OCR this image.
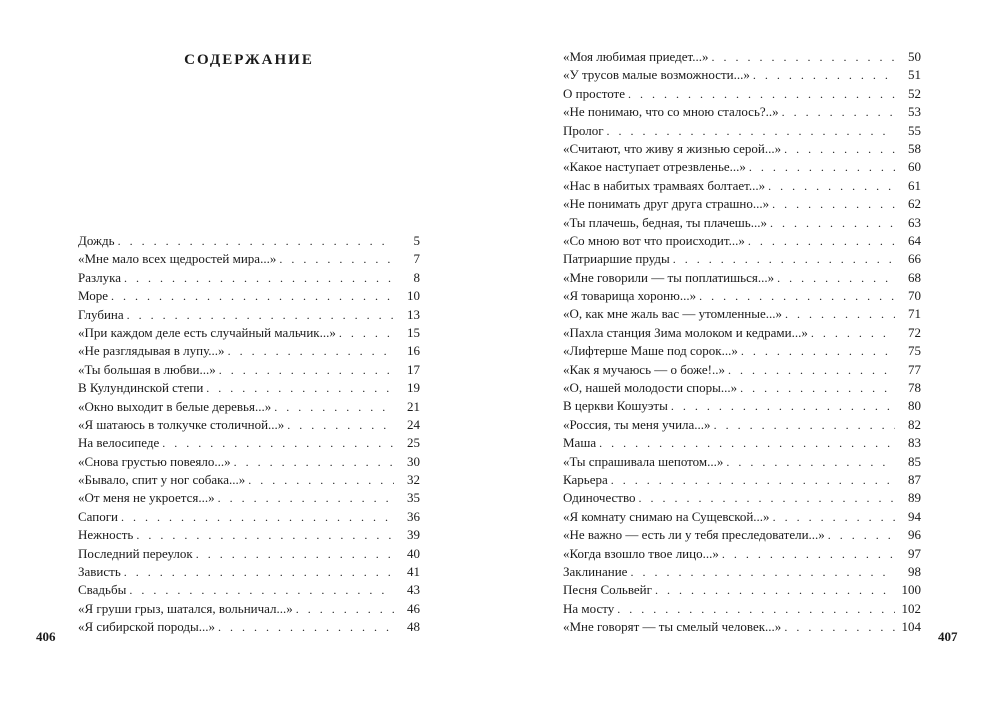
СОДЕРЖАНИЕ
Дождь . . .	5
«Мне мало всех щедростей мира...» . . .	7
Разлука . . .	8
Море . . .	10
Глубина . . .	13
«При каждом деле есть случайный мальчик...» . . .	15
«Не разглядывая в лупу...» . . .	16
«Ты большая в любви...» . . .	17
В Кулундинской степи . . .	19
«Окно выходит в белые деревья...» . . .	21
«Я шатаюсь в толкучке столичной...» . . .	24
На велосипеде . . .	25
«Снова грустью повеяло...» . . .	30
«Бывало, спит у ног собака...» . . .	32
«От меня не укроется...» . . .	35
Сапоги . . .	36
Нежность . . .	39
Последний переулок . . .	40
Зависть . . .	41
Свадьбы . . .	43
«Я груши грыз, шатался, вольничал...» . . .	46
«Я сибирской породы...» . . .	48
«Моя любимая приедет...» . . .	50
«У трусов малые возможности...» . . .	51
О простоте . . .	52
«Не понимаю, что со мною сталось?..» . . .	53
Пролог . . .	55
«Считают, что живу я жизнью серой...» . . .	58
«Какое наступает отрезвленье...» . . .	60
«Нас в набитых трамваях болтает...» . . .	61
«Не понимать друг друга страшно...» . . .	62
«Ты плачешь, бедная, ты плачешь...» . . .	63
«Со мною вот что происходит...» . . .	64
Патриаршие пруды . . .	66
«Мне говорили — ты поплатишься...» . . .	68
«Я товарища хороню...» . . .	70
«О, как мне жаль вас — утомленные...» . . .	71
«Пахла станция Зима молоком и кедрами...» . . .	72
«Лифтерше Маше под сорок...» . . .	75
«Как я мучаюсь — о боже!..» . . .	77
«О, нашей молодости споры...» . . .	78
В церкви Кошуэты . . .	80
«Россия, ты меня учила...» . . .	82
Маша . . .	83
«Ты спрашивала шепотом...» . . .	85
Карьера . . .	87
Одиночество . . .	89
«Я комнату снимаю на Сущевской...» . . .	94
«Не важно — есть ли у тебя преследователи...» . . .	96
«Когда взошло твое лицо...» . . .	97
Заклинание . . .	98
Песня Сольвейг . . .	100
На мосту . . .	102
«Мне говорят — ты смелый человек...» . . .	104
406	407
